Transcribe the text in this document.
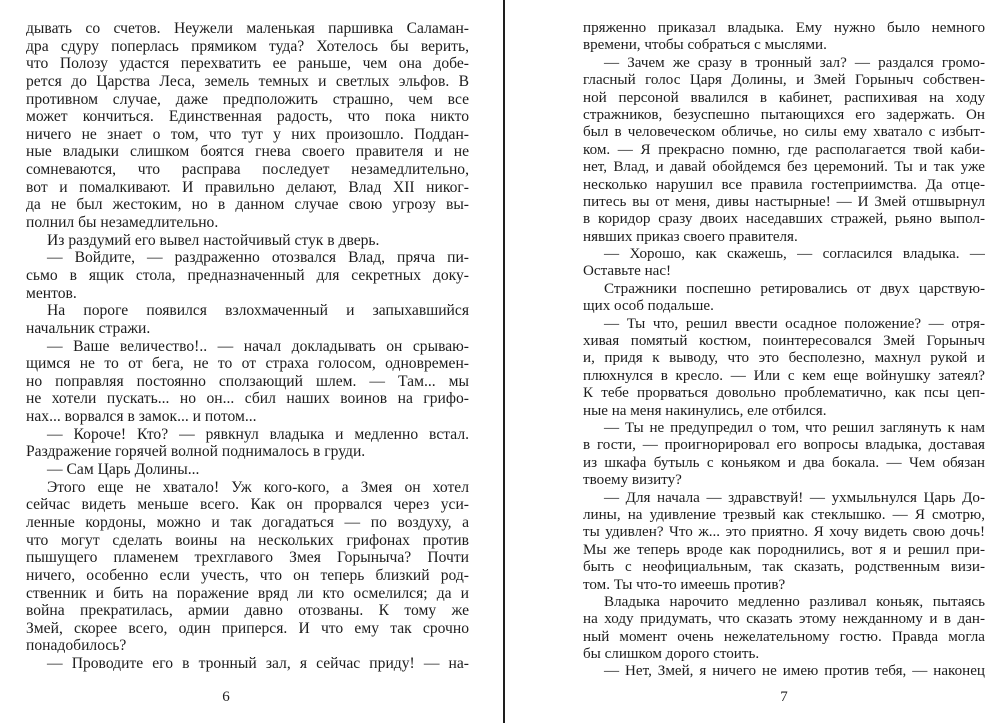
дывать со счетов. Неужели маленькая паршивка Саламан-
дра сдуру поперлась прямиком туда? Хотелось бы верить,
что Полозу удастся перехватить ее раньше, чем она добе-
рется до Царства Леса, земель темных и светлых эльфов. В
противном случае, даже предположить страшно, чем все
может кончиться. Единственная радость, что пока никто
ничего не знает о том, что тут у них произошло. Поддан-
ные владыки слишком боятся гнева своего правителя и не
сомневаются, что расправа последует незамедлительно,
вот и помалкивают. И правильно делают, Влад XII никог-
да не был жестоким, но в данном случае свою угрозу вы-
полнил бы незамедлительно.
Из раздумий его вывел настойчивый стук в дверь.
— Войдите, — раздраженно отозвался Влад, пряча пи-
сьмо в ящик стола, предназначенный для секретных доку-
ментов.
На пороге появился взлохмаченный и запыхавшийся
начальник стражи.
— Ваше величество!.. — начал докладывать он срываю-
щимся не то от бега, не то от страха голосом, одновремен-
но поправляя постоянно сползающий шлем. — Там... мы
не хотели пускать... но он... сбил наших воинов на грифо-
нах... ворвался в замок... и потом...
— Короче! Кто? — рявкнул владыка и медленно встал.
Раздражение горячей волной поднималось в груди.
— Сам Царь Долины...
Этого еще не хватало! Уж кого-кого, а Змея он хотел
сейчас видеть меньше всего. Как он прорвался через уси-
ленные кордоны, можно и так догадаться — по воздуху, а
что могут сделать воины на нескольких грифонах против
пышущего пламенем трехглавого Змея Горыныча? Почти
ничего, особенно если учесть, что он теперь близкий род-
ственник и бить на поражение вряд ли кто осмелился; да и
война прекратилась, армии давно отозваны. К тому же
Змей, скорее всего, один приперся. И что ему так срочно
понадобилось?
— Проводите его в тронный зал, я сейчас приду! — на-
6
пряженно приказал владыка. Ему нужно было немного
времени, чтобы собраться с мыслями.
— Зачем же сразу в тронный зал? — раздался громо-
гласный голос Царя Долины, и Змей Горыныч собствен-
ной персоной ввалился в кабинет, распихивая на ходу
стражников, безуспешно пытающихся его задержать. Он
был в человеческом обличье, но силы ему хватало с избыт-
ком. — Я прекрасно помню, где располагается твой каби-
нет, Влад, и давай обойдемся без церемоний. Ты и так уже
несколько нарушил все правила гостеприимства. Да отце-
питесь вы от меня, дивы настырные! — И Змей отшвырнул
в коридор сразу двоих наседавших стражей, рьяно выпол-
нявших приказ своего правителя.
— Хорошо, как скажешь, — согласился владыка. —
Оставьте нас!
Стражники поспешно ретировались от двух царствую-
щих особ подальше.
— Ты что, решил ввести осадное положение? — отря-
хивая помятый костюм, поинтересовался Змей Горыныч
и, придя к выводу, что это бесполезно, махнул рукой и
плюхнулся в кресло. — Или с кем еще войнушку затеял?
К тебе прорваться довольно проблематично, как псы цеп-
ные на меня накинулись, еле отбился.
— Ты не предупредил о том, что решил заглянуть к нам
в гости, — проигнорировал его вопросы владыка, доставая
из шкафа бутыль с коньяком и два бокала. — Чем обязан
твоему визиту?
— Для начала — здравствуй! — ухмыльнулся Царь До-
лины, на удивление трезвый как стеклышко. — Я смотрю,
ты удивлен? Что ж... это приятно. Я хочу видеть свою дочь!
Мы же теперь вроде как породнились, вот я и решил при-
быть с неофициальным, так сказать, родственным визи-
том. Ты что-то имеешь против?
Владыка нарочито медленно разливал коньяк, пытаясь
на ходу придумать, что сказать этому нежданному и в дан-
ный момент очень нежелательному гостю. Правда могла
бы слишком дорого стоить.
— Нет, Змей, я ничего не имею против тебя, — наконец
7
